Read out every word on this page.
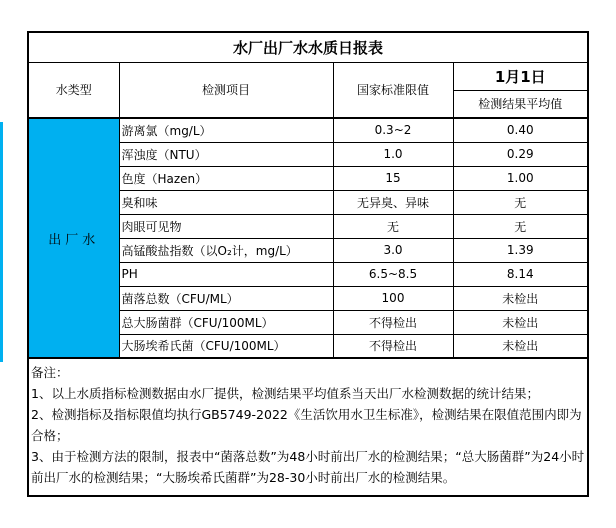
水厂出厂水水质日报表			
水类型	检测项目	国家标准限值	1月1日
			检测结果平均值
出厂水	游离氯（mg/L）	0.3~2	0.40
	浑浊度（NTU）	1.0	0.29
	色度（Hazen）	15	1.00
	臭和味	无异臭、异味	无
	肉眼可见物	无	无
	高锰酸盐指数（以O₂计，mg/L）	3.0	1.39
	PH	6.5~8.5	8.14
	菌落总数（CFU/ML）	100	未检出
	总大肠菌群（CFU/100ML）	不得检出	未检出
	大肠埃希氏菌（CFU/100ML）	不得检出	未检出

备注：
1、以上水质指标检测数据由水厂提供，检测结果平均值系当天出厂水检测数据的统计结果；
2、检测指标及指标限值均执行GB5749-2022《生活饮用水卫生标准》，检测结果在限值范围内即为合格；
3、由于检测方法的限制，报表中“菌落总数”为48小时前出厂水的检测结果；“总大肠菌群”为24小时前出厂水的检测结果；“大肠埃希氏菌群”为28-30小时前出厂水的检测结果。			
